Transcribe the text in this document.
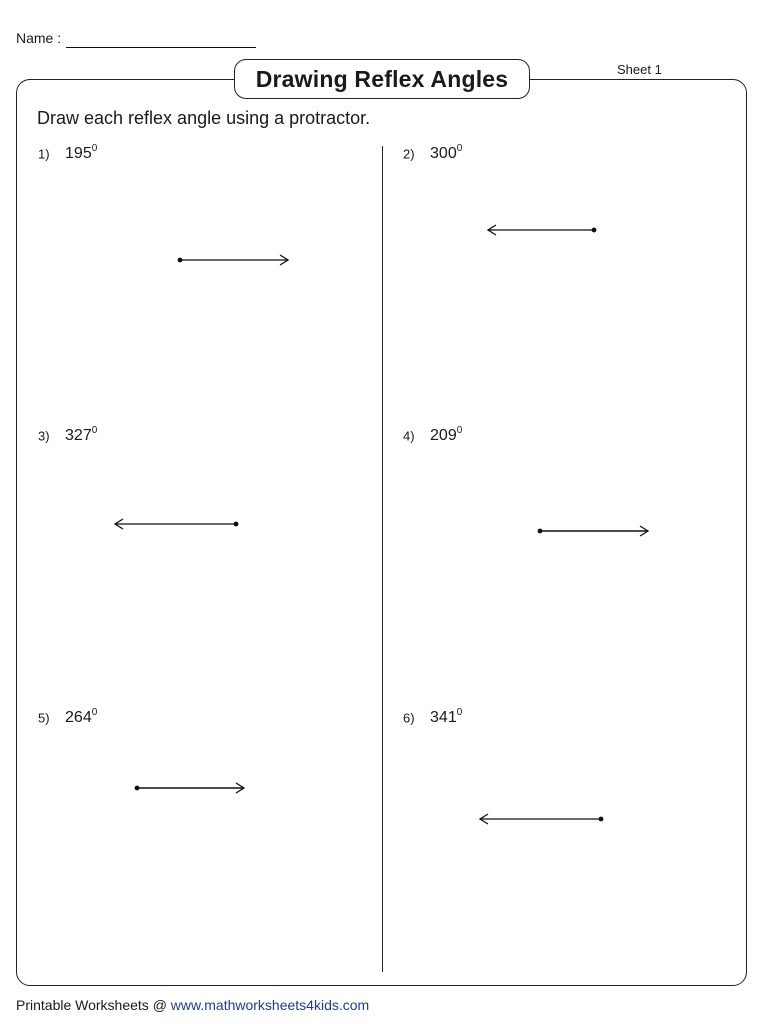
Name :
Sheet 1
Drawing Reflex Angles
Draw each reflex angle using a protractor.
1) $195^0$	2) $300^0$
3) $327^0$	4) $209^0$
5) $264^0$	6) $341^0$
Printable Worksheets @ www.mathworksheets4kids.com
